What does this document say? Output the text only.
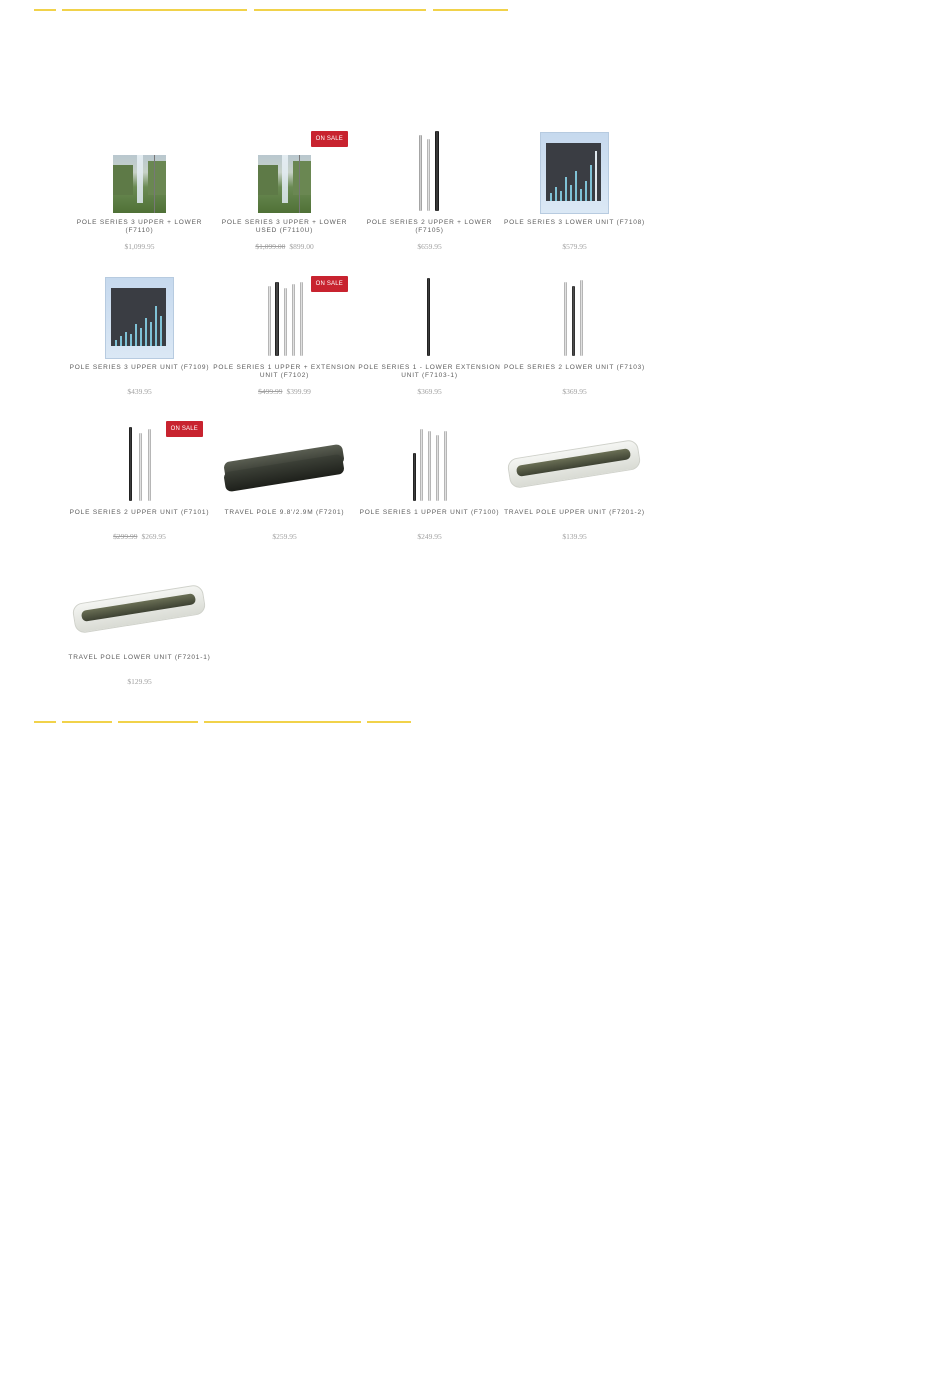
POLE SERIES 3 UPPER + LOWER (F7110)
$1,099.95
ON SALE
POLE SERIES 3 UPPER + LOWER USED (F7110U)
$1,099.00 $899.00
POLE SERIES 2 UPPER + LOWER (F7105)
$659.95
POLE SERIES 3 LOWER UNIT (F7108)
$579.95
POLE SERIES 3 UPPER UNIT (F7109)
$439.95
ON SALE
POLE SERIES 1 UPPER + EXTENSION UNIT (F7102)
$499.99 $399.99
POLE SERIES 1 - LOWER EXTENSION UNIT (F7103-1)
$369.95
POLE SERIES 2 LOWER UNIT (F7103)
$369.95
ON SALE
POLE SERIES 2 UPPER UNIT (F7101)
$299.99 $269.95
TRAVEL POLE 9.8'/2.9M (F7201)
$259.95
POLE SERIES 1 UPPER UNIT (F7100)
$249.95
TRAVEL POLE UPPER UNIT (F7201-2)
$139.95
TRAVEL POLE LOWER UNIT (F7201-1)
$129.95
